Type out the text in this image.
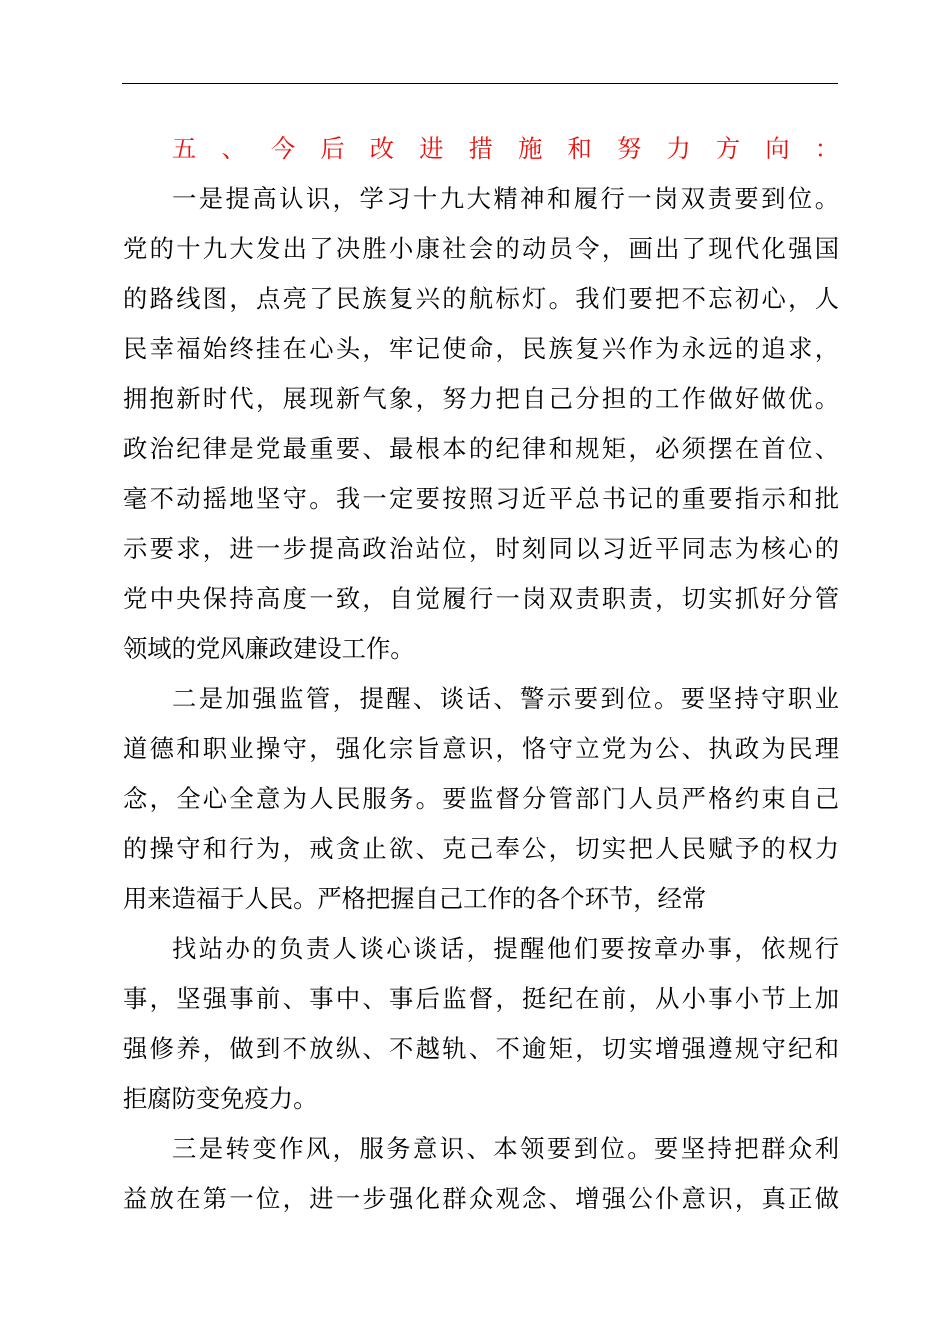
五、今后改进措施和努力方向：
一是提高认识，学习十九大精神和履行一岗双责要到位。
党的十九大发出了决胜小康社会的动员令，画出了现代化强国
的路线图，点亮了民族复兴的航标灯。我们要把不忘初心，人
民幸福始终挂在心头，牢记使命，民族复兴作为永远的追求，
拥抱新时代，展现新气象，努力把自己分担的工作做好做优。
政治纪律是党最重要、最根本的纪律和规矩，必须摆在首位、
毫不动摇地坚守。我一定要按照习近平总书记的重要指示和批
示要求，进一步提高政治站位，时刻同以习近平同志为核心的
党中央保持高度一致，自觉履行一岗双责职责，切实抓好分管
领域的党风廉政建设工作。
二是加强监管，提醒、谈话、警示要到位。要坚持守职业
道德和职业操守，强化宗旨意识，恪守立党为公、执政为民理
念，全心全意为人民服务。要监督分管部门人员严格约束自己
的操守和行为，戒贪止欲、克己奉公，切实把人民赋予的权力
用来造福于人民。严格把握自己工作的各个环节，经常
找站办的负责人谈心谈话，提醒他们要按章办事，依规行
事，坚强事前、事中、事后监督，挺纪在前，从小事小节上加
强修养，做到不放纵、不越轨、不逾矩，切实增强遵规守纪和
拒腐防变免疫力。
三是转变作风，服务意识、本领要到位。要坚持把群众利
益放在第一位，进一步强化群众观念、增强公仆意识，真正做
